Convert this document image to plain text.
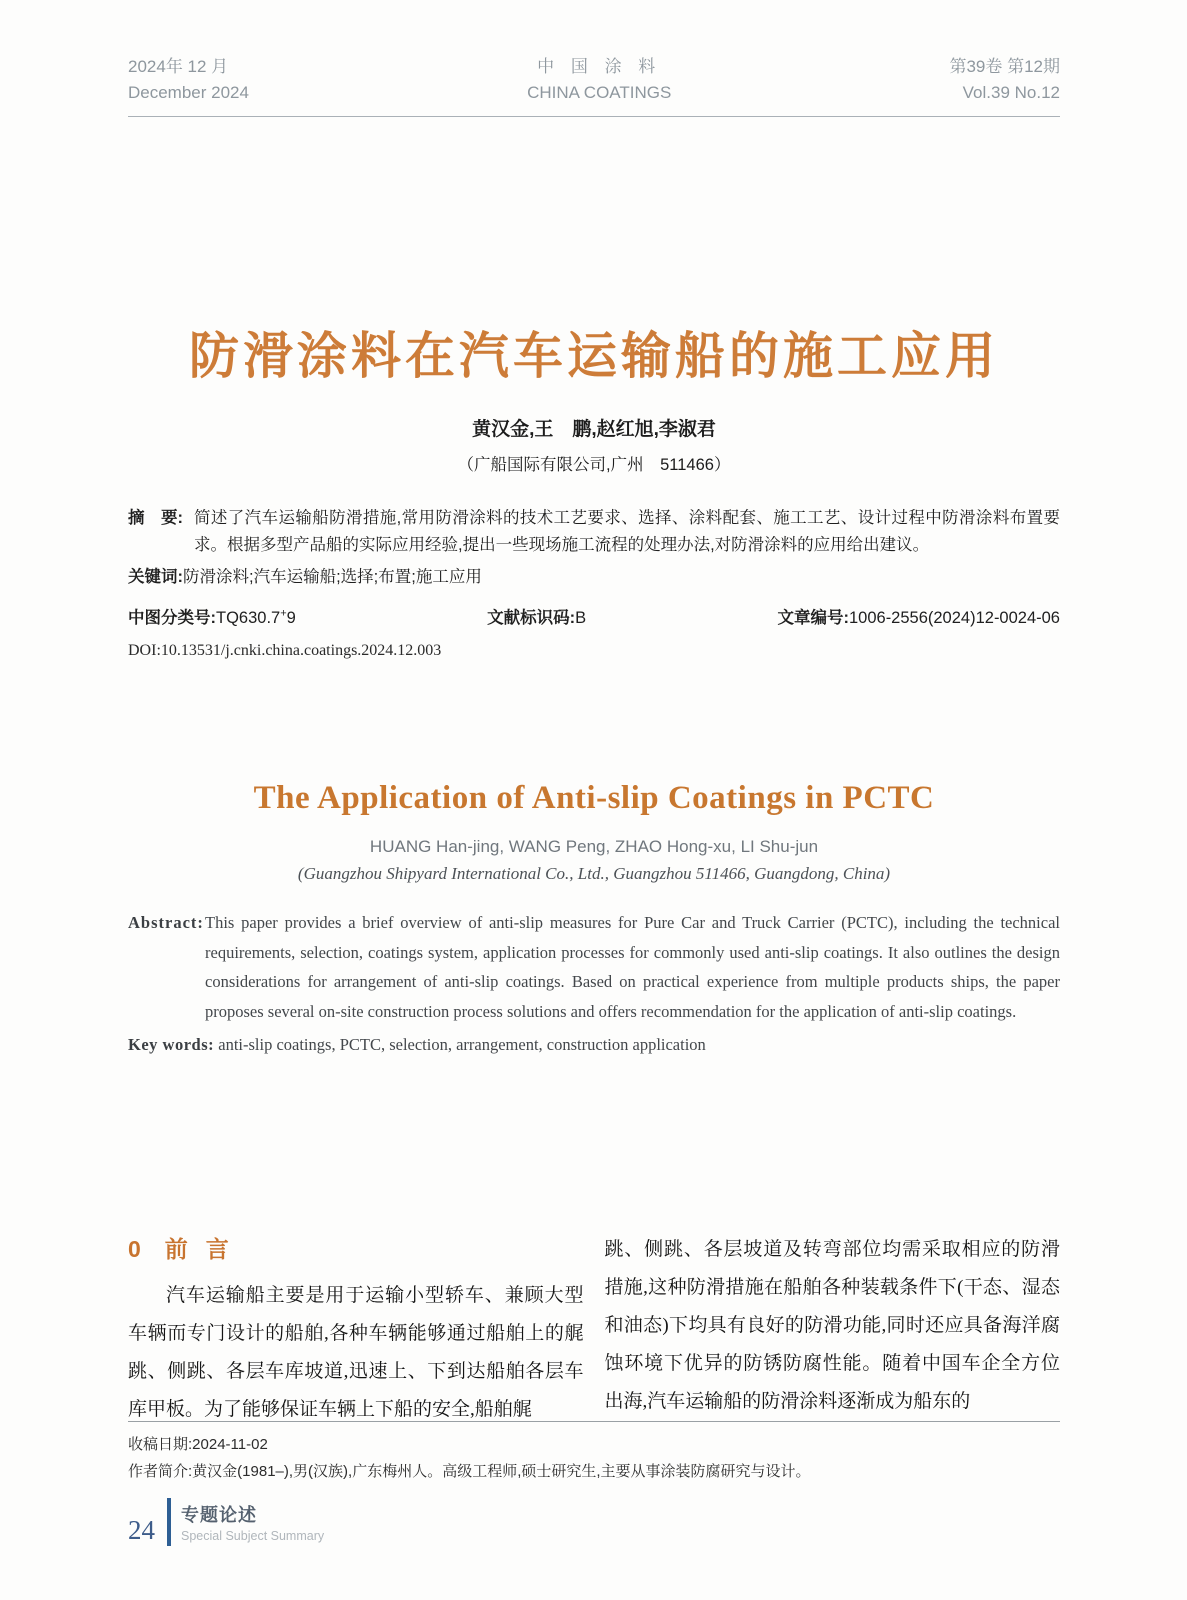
2024年 12 月
December 2024
中 国 涂 料
CHINA COATINGS
第39卷 第12期
Vol.39 No.12
防滑涂料在汽车运输船的施工应用
黄汉金,王　鹏,赵红旭,李淑君
（广船国际有限公司,广州　511466）
摘　要: 简述了汽车运输船防滑措施,常用防滑涂料的技术工艺要求、选择、涂料配套、施工工艺、设计过程中防滑涂料布置要求。根据多型产品船的实际应用经验,提出一些现场施工流程的处理办法,对防滑涂料的应用给出建议。
关键词:防滑涂料;汽车运输船;选择;布置;施工应用
中图分类号:TQ630.7+9	文献标识码:B	文章编号:1006-2556(2024)12-0024-06
DOI:10.13531/j.cnki.china.coatings.2024.12.003
The Application of Anti-slip Coatings in PCTC
HUANG Han-jing, WANG Peng, ZHAO Hong-xu, LI Shu-jun
(Guangzhou Shipyard International Co., Ltd., Guangzhou 511466, Guangdong, China)
Abstract: This paper provides a brief overview of anti-slip measures for Pure Car and Truck Carrier (PCTC), including the technical requirements, selection, coatings system, application processes for commonly used anti-slip coatings. It also outlines the design considerations for arrangement of anti-slip coatings. Based on practical experience from multiple products ships, the paper proposes several on-site construction process solutions and offers recommendation for the application of anti-slip coatings.
Key words: anti-slip coatings, PCTC, selection, arrangement, construction application
0 前言

汽车运输船主要是用于运输小型轿车、兼顾大型车辆而专门设计的船舶,各种车辆能够通过船舶上的艉跳、侧跳、各层车库坡道,迅速上、下到达船舶各层车库甲板。为了能够保证车辆上下船的安全,船舶艉

跳、侧跳、各层坡道及转弯部位均需采取相应的防滑措施,这种防滑措施在船舶各种装载条件下(干态、湿态和油态)下均具有良好的防滑功能,同时还应具备海洋腐蚀环境下优异的防锈防腐性能。随着中国车企全方位出海,汽车运输船的防滑涂料逐渐成为船东的

收稿日期:2024-11-02
作者简介:黄汉金(1981–),男(汉族),广东梅州人。高级工程师,硕士研究生,主要从事涂装防腐研究与设计。
24 专题论述
Special Subject Summary
